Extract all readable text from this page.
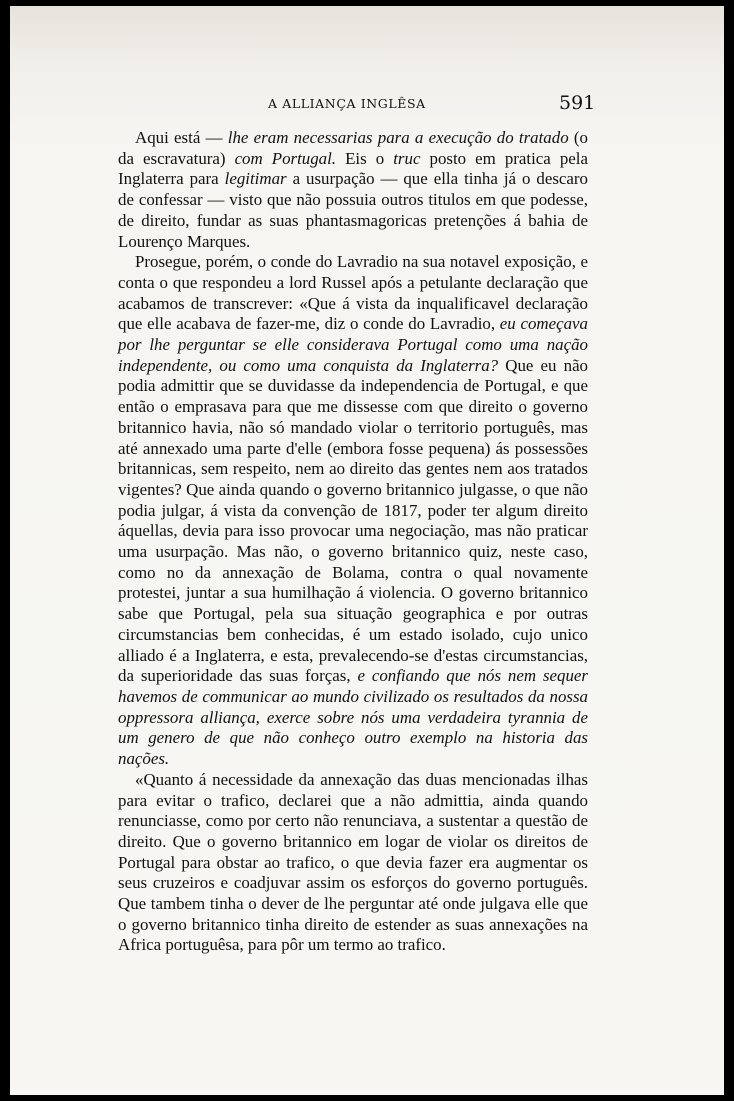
A ALLIANÇA INGLÊSA	591

Aqui está — lhe eram necessarias para a execução do tratado (o da escravatura) com Portugal. Eis o truc posto em pratica pela Inglaterra para legitimar a usurpação — que ella tinha já o descaro de confessar — visto que não possuia outros titulos em que podesse, de direito, fundar as suas phantasmagoricas pretenções á bahia de Lourenço Marques.

Prosegue, porém, o conde do Lavradio na sua notavel exposição, e conta o que respondeu a lord Russel após a petulante declaração que acabamos de transcrever: «Que á vista da inqualificavel declaração que elle acabava de fazer-me, diz o conde do Lavradio, eu começava por lhe perguntar se elle considerava Portugal como uma nação independente, ou como uma conquista da Inglaterra? Que eu não podia admittir que se duvidasse da independencia de Portugal, e que então o emprasava para que me dissesse com que direito o governo britannico havia, não só mandado violar o territorio português, mas até annexado uma parte d'elle (embora fosse pequena) ás possessões britannicas, sem respeito, nem ao direito das gentes nem aos tratados vigentes? Que ainda quando o governo britannico julgasse, o que não podia julgar, á vista da convenção de 1817, poder ter algum direito áquellas, devia para isso provocar uma negociação, mas não praticar uma usurpação. Mas não, o governo britannico quiz, neste caso, como no da annexação de Bolama, contra o qual novamente protestei, juntar a sua humilhação á violencia. O governo britannico sabe que Portugal, pela sua situação geographica e por outras circumstancias bem conhecidas, é um estado isolado, cujo unico alliado é a Inglaterra, e esta, prevalecendo-se d'estas circumstancias, da superioridade das suas forças, e confiando que nós nem sequer havemos de communicar ao mundo civilizado os resultados da nossa oppressora alliança, exerce sobre nós uma verdadeira tyrannia de um genero de que não conheço outro exemplo na historia das nações.

«Quanto á necessidade da annexação das duas mencionadas ilhas para evitar o trafico, declarei que a não admittia, ainda quando renunciasse, como por certo não renunciava, a sustentar a questão de direito. Que o governo britannico em logar de violar os direitos de Portugal para obstar ao trafico, o que devia fazer era augmentar os seus cruzeiros e coadjuvar assim os esforços do governo português. Que tambem tinha o dever de lhe perguntar até onde julgava elle que o governo britannico tinha direito de estender as suas annexações na Africa portuguêsa, para pôr um termo ao trafico.
